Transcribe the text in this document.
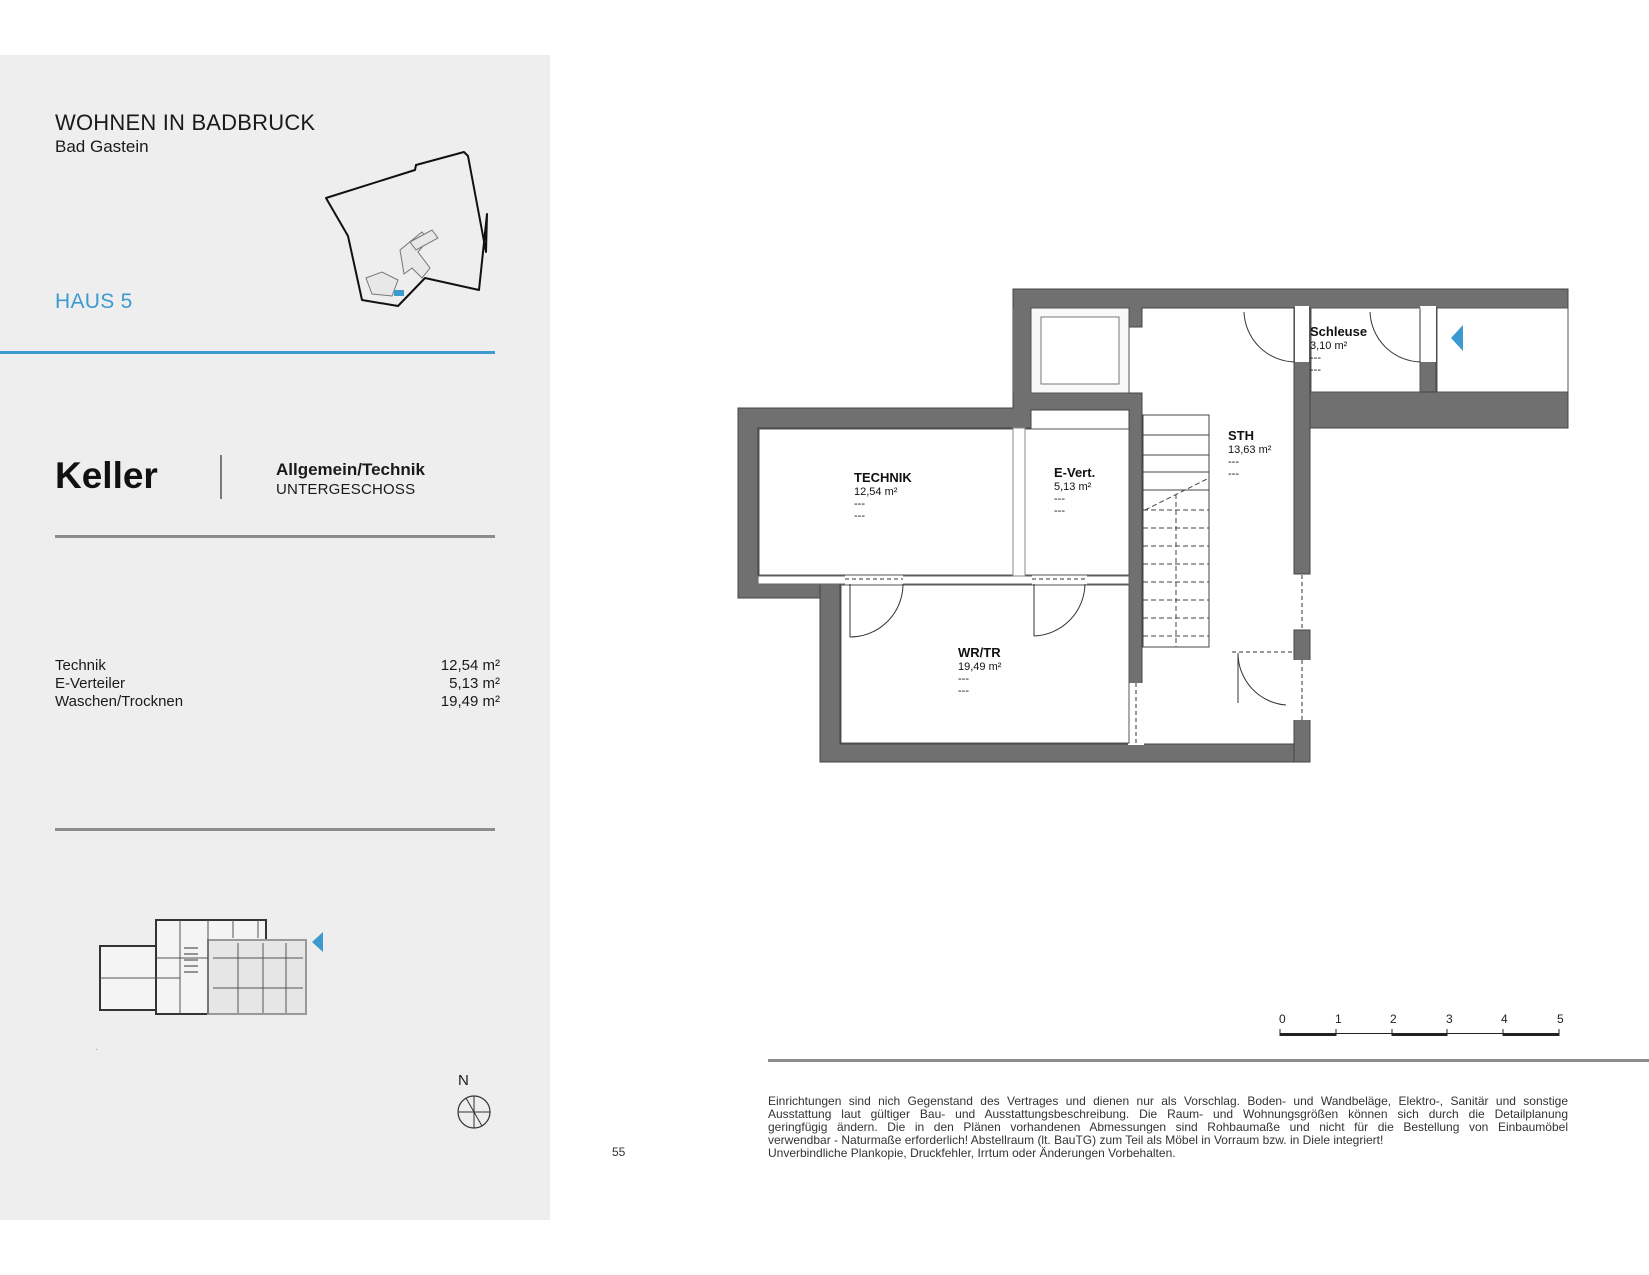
WOHNEN IN BADBRUCK
Bad Gastein
HAUS 5
Keller	Allgemein/Technik
UNTERGESCHOSS
Technik	12,54 m²
E-Verteiler	5,13 m²
Waschen/Trocknen	19,49 m²
.
N
55
TECHNIK
12,54 m²
---
---
E-Vert.
5,13 m²
---
---
WR/TR
19,49 m²
---
---
STH
13,63 m²
---
---
Schleuse
3,10 m²
---
---
0	1	2	3	4	5
Einrichtungen sind nich Gegenstand des Vertrages und dienen nur als Vorschlag. Boden- und Wandbeläge, Elektro-, Sanitär und sonstige
Ausstattung laut gültiger Bau- und Ausstattungsbeschreibung. Die Raum- und Wohnungsgrößen können sich durch die Detailplanung
geringfügig ändern. Die in den Plänen vorhandenen Abmessungen sind Rohbaumaße und nicht für die Bestellung von Einbaumöbel
verwendbar - Naturmaße erforderlich! Abstellraum (lt. BauTG) zum Teil als Möbel in Vorraum bzw. in Diele integriert!
Unverbindliche Plankopie, Druckfehler, Irrtum oder Änderungen Vorbehalten.
